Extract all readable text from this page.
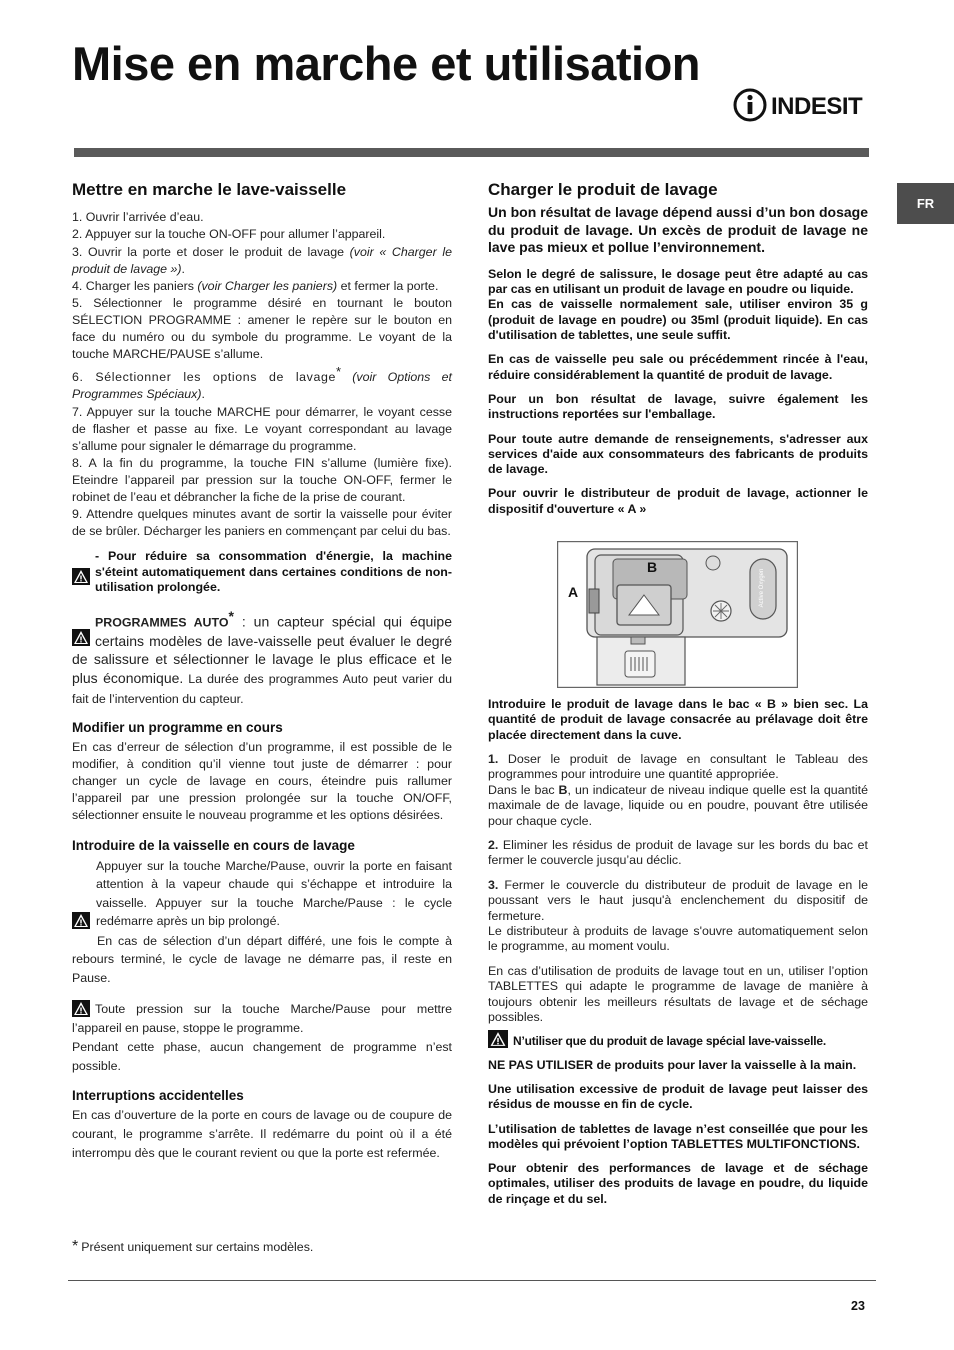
Mise en marche et utilisation
INDESIT
FR
Mettre en marche le lave-vaisselle

1. Ouvrir l’arrivée d’eau.

2. Appuyer sur la touche ON-OFF pour allumer l’appareil.

3. Ouvrir la porte et doser le produit de lavage (voir « Charger le produit de lavage »).

4. Charger les paniers (voir Charger les paniers) et fermer la porte.

5. Sélectionner le programme désiré en tournant le bouton SÉLECTION PROGRAMME : amener le repère sur le bouton en face du numéro ou du symbole du programme. Le voyant de la touche MARCHE/PAUSE s’allume.

6. Sélectionner les options de lavage* (voir Options et Programmes Spéciaux).

7. Appuyer sur la touche MARCHE pour démarrer, le voyant cesse de flasher et passe au fixe. Le voyant correspondant au lavage s’allume pour signaler le démarrage du programme.

8. A la fin du programme, la touche FIN s’allume (lumière fixe). Eteindre l’appareil par pression sur la touche ON-OFF, fermer le robinet de l’eau et débrancher la fiche de la prise de courant.

9. Attendre quelques minutes avant de sortir la vaisselle pour éviter de se brûler. Décharger les paniers en commençant par celui du bas.

- Pour réduire sa consommation d'énergie, la machine s'éteint automatiquement dans certaines conditions de non-utilisation prolongée.

PROGRAMMES AUTO* : un capteur spécial qui équipe certains modèles de lave-vaisselle peut évaluer le degré de salissure et sélectionner le lavage le plus efficace et le plus économique. La durée des programmes Auto peut varier du fait de l’intervention du capteur.

Modifier un programme en cours

En cas d’erreur de sélection d’un programme, il est possible de le modifier, à condition qu’il vienne tout juste de démarrer : pour changer un cycle de lavage en cours, éteindre puis rallumer l’appareil par une pression prolongée sur la touche ON/OFF, sélectionner ensuite le nouveau programme et les options désirées.

Introduire de la vaisselle en cours de lavage

Appuyer sur la touche Marche/Pause, ouvrir la porte en faisant attention à la vapeur chaude qui s’échappe et introduire la vaisselle. Appuyer sur la touche Marche/Pause : le cycle redémarre après un bip prolongé.

En cas de sélection d’un départ différé, une fois le compte à rebours terminé, le cycle de lavage ne démarre pas, il reste en Pause.

Toute pression sur la touche Marche/Pause pour mettre l’appareil en pause, stoppe le programme.

Pendant cette phase, aucun changement de programme n’est possible.

Interruptions accidentelles

En cas d’ouverture de la porte en cours de lavage ou de coupure de courant, le programme s’arrête. Il redémarre du point où il a été interrompu dès que le courant revient ou que la porte est refermée.

Charger le produit de lavage

Un bon résultat de lavage dépend aussi d’un bon dosage du produit de lavage. Un excès de produit de lavage ne lave pas mieux et pollue l’environnement.

Selon le degré de salissure, le dosage peut être adapté au cas par cas en utilisant un produit de lavage en poudre ou liquide.
En cas de vaisselle normalement sale, utiliser environ 35 g (produit de lavage en poudre) ou 35ml (produit liquide). En cas d'utilisation de tablettes, une seule suffit.

En cas de vaisselle peu sale ou précédemment rincée à l'eau, réduire considérablement la quantité de produit de lavage.

Pour un bon résultat de lavage, suivre également les instructions reportées sur l'emballage.

Pour toute autre demande de renseignements, s'adresser aux services d'aide aux consommateurs des fabricants de produits de lavage.

Pour ouvrir le distributeur de produit de lavage, actionner le dispositif d'ouverture « A »

Active Oxygen
B
A

Introduire le produit de lavage dans le bac « B » bien sec. La quantité de produit de lavage consacrée au prélavage doit être placée directement dans la cuve.

1. Doser le produit de lavage en consultant le Tableau des programmes pour introduire une quantité appropriée.

Dans le bac B, un indicateur de niveau indique quelle est la quantité maximale de de lavage, liquide ou en poudre, pouvant être utilisée pour chaque cycle.

2. Eliminer les résidus de produit de lavage sur les bords du bac et fermer le couvercle jusqu’au déclic.

3. Fermer le couvercle du distributeur de produit de lavage en le poussant vers le haut jusqu'à enclenchement du dispositif de fermeture.

Le distributeur à produits de lavage s'ouvre automatiquement selon le programme, au moment voulu.

En cas d’utilisation de produits de lavage tout en un, utiliser l’option TABLETTES qui adapte le programme de lavage de manière à toujours obtenir les meilleurs résultats de lavage et de séchage possibles.

N’utiliser que du produit de lavage spécial lave-vaisselle.

NE PAS UTILISER de produits pour laver la vaisselle à la main.

Une utilisation excessive de produit de lavage peut laisser des résidus de mousse en fin de cycle.

L’utilisation de tablettes de lavage n’est conseillée que pour les modèles qui prévoient l’option TABLETTES MULTIFONCTIONS.

Pour obtenir des performances de lavage et de séchage optimales, utiliser des produits de lavage en poudre, du liquide de rinçage et du sel.

* Présent uniquement sur certains modèles.
23
